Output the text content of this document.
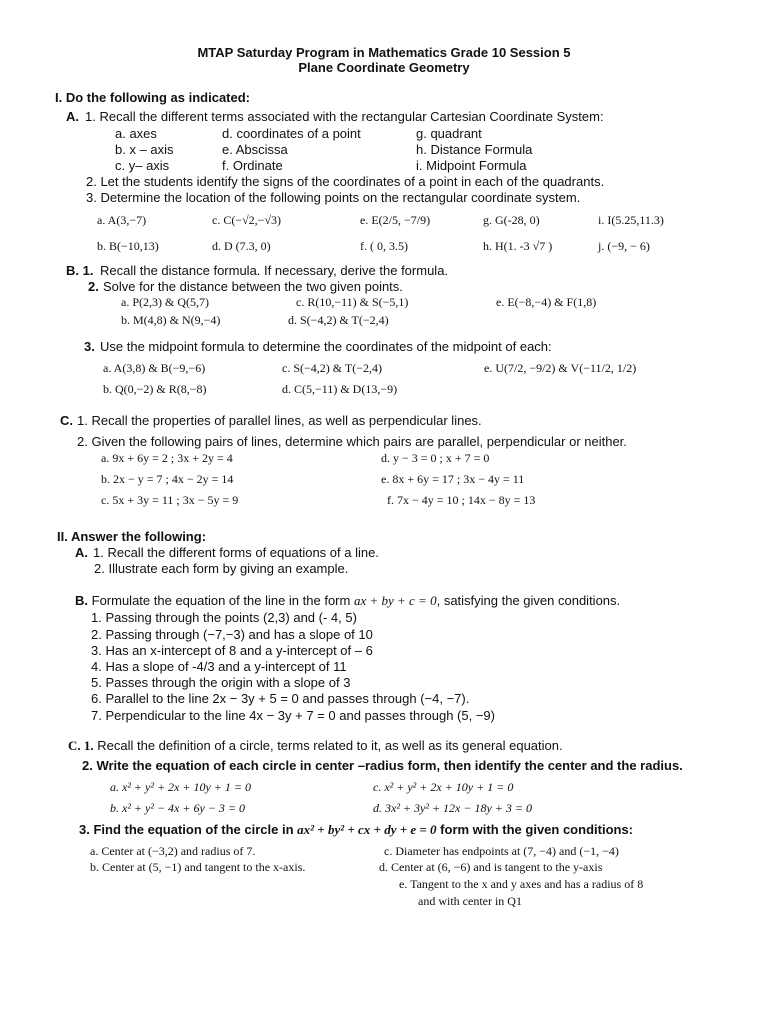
MTAP Saturday Program in Mathematics Grade 10 Session 5
Plane Coordinate Geometry
I. Do the following as indicated:
A. 1. Recall the different terms associated with the rectangular Cartesian Coordinate System:
a. axes	d. coordinates of a point	g. quadrant
b. x – axis	e. Abscissa	h. Distance Formula
c. y– axis	f. Ordinate	i. Midpoint Formula
2. Let the students identify the signs of the coordinates of a point in each of the quadrants.
3. Determine the location of the following points on the rectangular coordinate system.
a. A(3,−7)	c. C(−√2,−√3)	e. E(2/5, −7/9)	g. G(-28, 0)	i. I(5.25,11.3)
b. B(−10,13)	d. D (7.3, 0)	f. ( 0, 3.5)	h. H(1. -3 √7 )	j. (−9, − 6)
B. 1. Recall the distance formula. If necessary, derive the formula.
2. Solve for the distance between the two given points.
a. P(2,3) & Q(5,7)	c. R(10,−11) & S(−5,1)	e. E(−8,−4) & F(1,8)
b. M(4,8) & N(9,−4)	d. S(−4,2) & T(−2,4)
3. Use the midpoint formula to determine the coordinates of the midpoint of each:
a. A(3,8) & B(−9,−6)	c. S(−4,2) & T(−2,4)	e. U(7/2, −9/2) & V(−11/2, 1/2)
b. Q(0,−2) & R(8,−8)	d. C(5,−11) & D(13,−9)
C. 1. Recall the properties of parallel lines, as well as perpendicular lines.
2. Given the following pairs of lines, determine which pairs are parallel, perpendicular or neither.
a. 9x + 6y = 2 ; 3x + 2y = 4	d. y − 3 = 0 ; x + 7 = 0
b. 2x − y = 7 ; 4x − 2y = 14	e. 8x + 6y = 17 ; 3x − 4y = 11
c. 5x + 3y = 11 ; 3x − 5y = 9	f. 7x − 4y = 10 ; 14x − 8y = 13
II. Answer the following:
A. 1. Recall the different forms of equations of a line.
2. Illustrate each form by giving an example.
B. Formulate the equation of the line in the form ax + by + c = 0, satisfying the given conditions.
1. Passing through the points (2,3) and (- 4, 5)
2. Passing through (−7,−3) and has a slope of 10
3. Has an x-intercept of 8 and a y-intercept of – 6
4. Has a slope of -4/3 and a y-intercept of 11
5. Passes through the origin with a slope of 3
6. Parallel to the line 2x − 3y + 5 = 0 and passes through (−4, −7).
7. Perpendicular to the line 4x − 3y + 7 = 0 and passes through (5, −9)
C. 1. Recall the definition of a circle, terms related to it, as well as its general equation.
2. Write the equation of each circle in center –radius form, then identify the center and the radius.
a. x² + y² + 2x + 10y + 1 = 0	c. x² + y² + 2x + 10y + 1 = 0
b. x² + y² − 4x + 6y − 3 = 0	d. 3x² + 3y² + 12x − 18y + 3 = 0
3. Find the equation of the circle in ax² + by² + cx + dy + e = 0 form with the given conditions:
a. Center at (−3,2) and radius of 7.
b. Center at (5, −1) and tangent to the x-axis.
c. Diameter has endpoints at (7, −4) and (−1, −4)
d. Center at (6, −6) and is tangent to the y-axis
e. Tangent to the x and y axes and has a radius of 8
and with center in Q1
